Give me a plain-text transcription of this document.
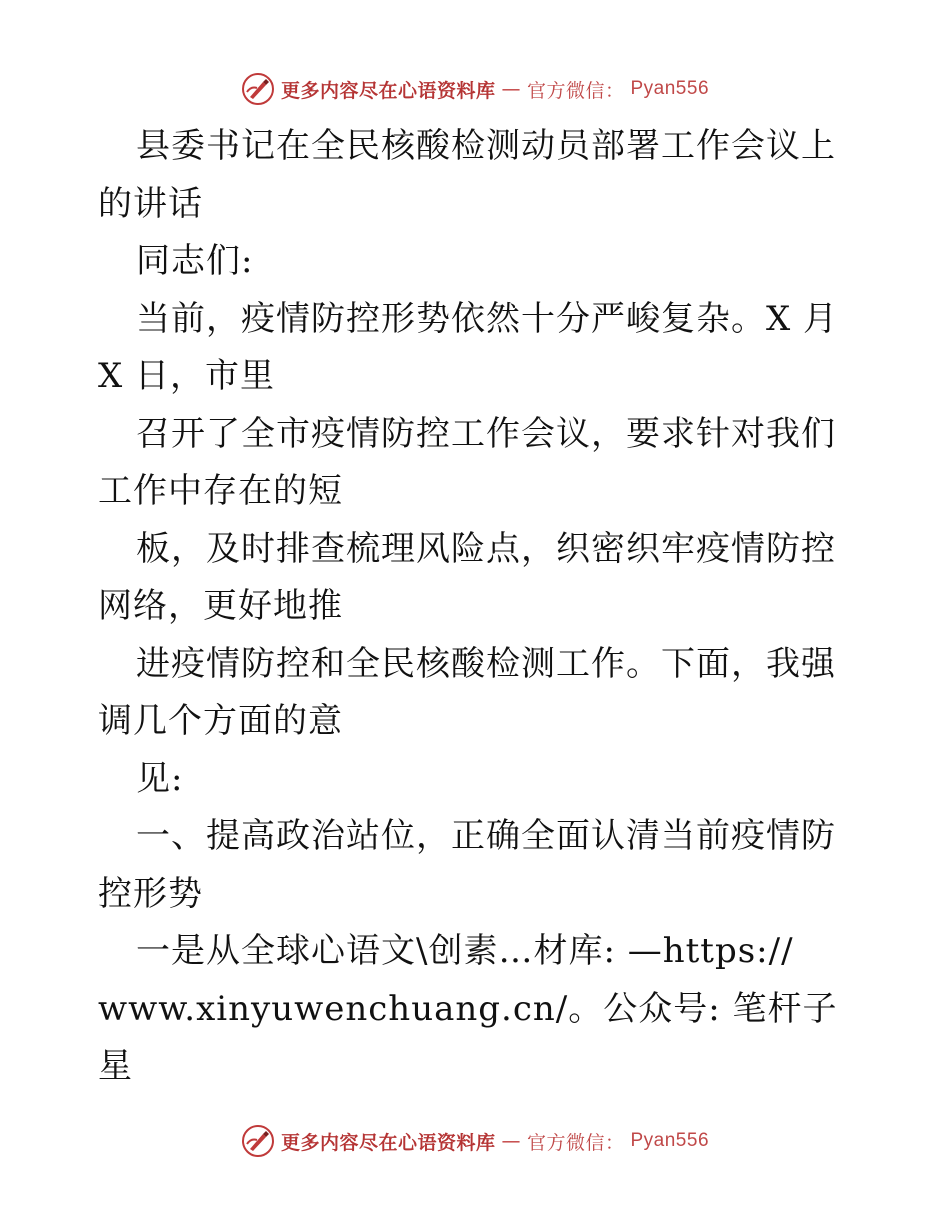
更多内容尽在心语资料库 — 官方微信： Pyan556

县委书记在全民核酸检测动员部署工作会议上的讲话

同志们:

当前，疫情防控形势依然十分严峻复杂。X 月 X 日，市里

召开了全市疫情防控工作会议，要求针对我们工作中存在的短

板，及时排查梳理风险点，织密织牢疫情防控网络，更好地推

进疫情防控和全民核酸检测工作。下面，我强调几个方面的意

见:

一、提高政治站位，正确全面认清当前疫情防控形势

一是从全球心语文\创素…材库: —https://

www.xinyuwenchuang.cn/。公众号: 笔杆子星

更多内容尽在心语资料库 — 官方微信： Pyan556
